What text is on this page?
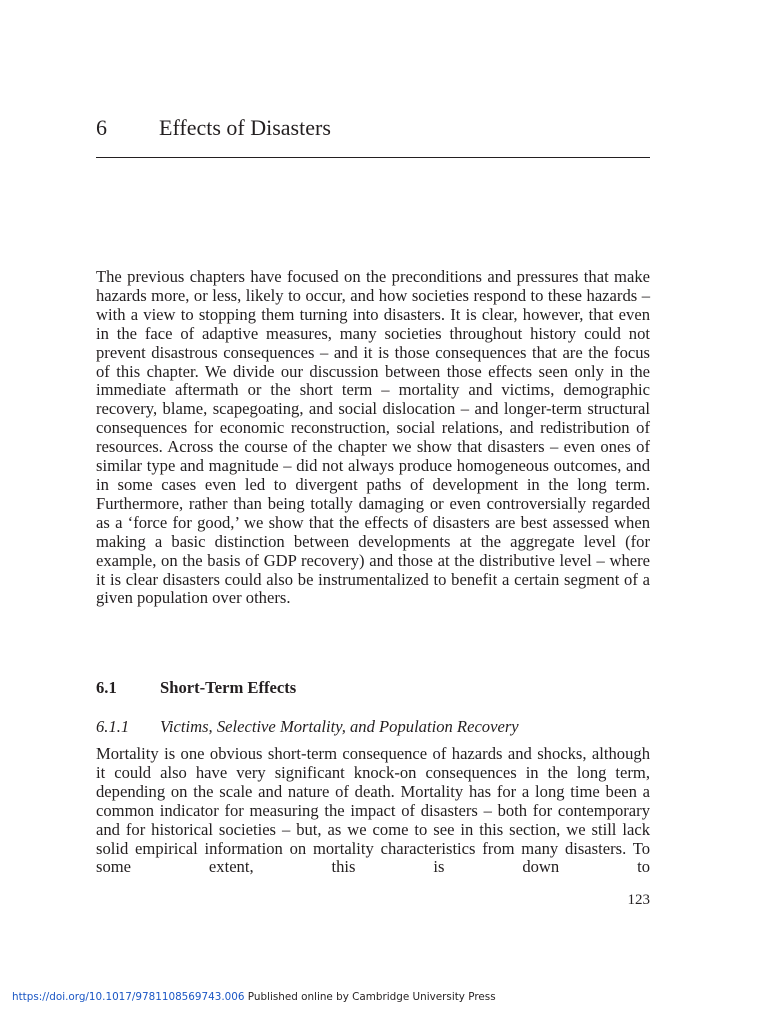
6 Effects of Disasters

The previous chapters have focused on the preconditions and pressures that make hazards more, or less, likely to occur, and how societies respond to these hazards – with a view to stopping them turning into disasters. It is clear, however, that even in the face of adaptive measures, many societies throughout history could not prevent disastrous consequences – and it is those consequences that are the focus of this chapter. We divide our discussion between those effects seen only in the immediate aftermath or the short term – mortality and victims, demographic recovery, blame, scapegoating, and social dislocation – and longer-term structural consequences for economic reconstruction, social relations, and redistribution of resources. Across the course of the chapter we show that disasters – even ones of similar type and magnitude – did not always produce homogeneous outcomes, and in some cases even led to divergent paths of development in the long term. Furthermore, rather than being totally damaging or even controversially regarded as a ‘force for good,’ we show that the effects of disasters are best assessed when making a basic distinction between developments at the aggregate level (for example, on the basis of GDP recovery) and those at the distributive level – where it is clear disasters could also be instrumentalized to benefit a certain segment of a given population over others.

6.1	Short-Term Effects
6.1.1 Victims, Selective Mortality, and Population Recovery

Mortality is one obvious short-term consequence of hazards and shocks, although it could also have very significant knock-on consequences in the long term, depending on the scale and nature of death. Mortality has for a long time been a common indicator for measuring the impact of disasters – both for contemporary and for historical societies – but, as we come to see in this section, we still lack solid empirical information on mortality characteristics from many disasters. To some extent, this is down to

123
https://doi.org/10.1017/9781108569743.006 Published online by Cambridge University Press
